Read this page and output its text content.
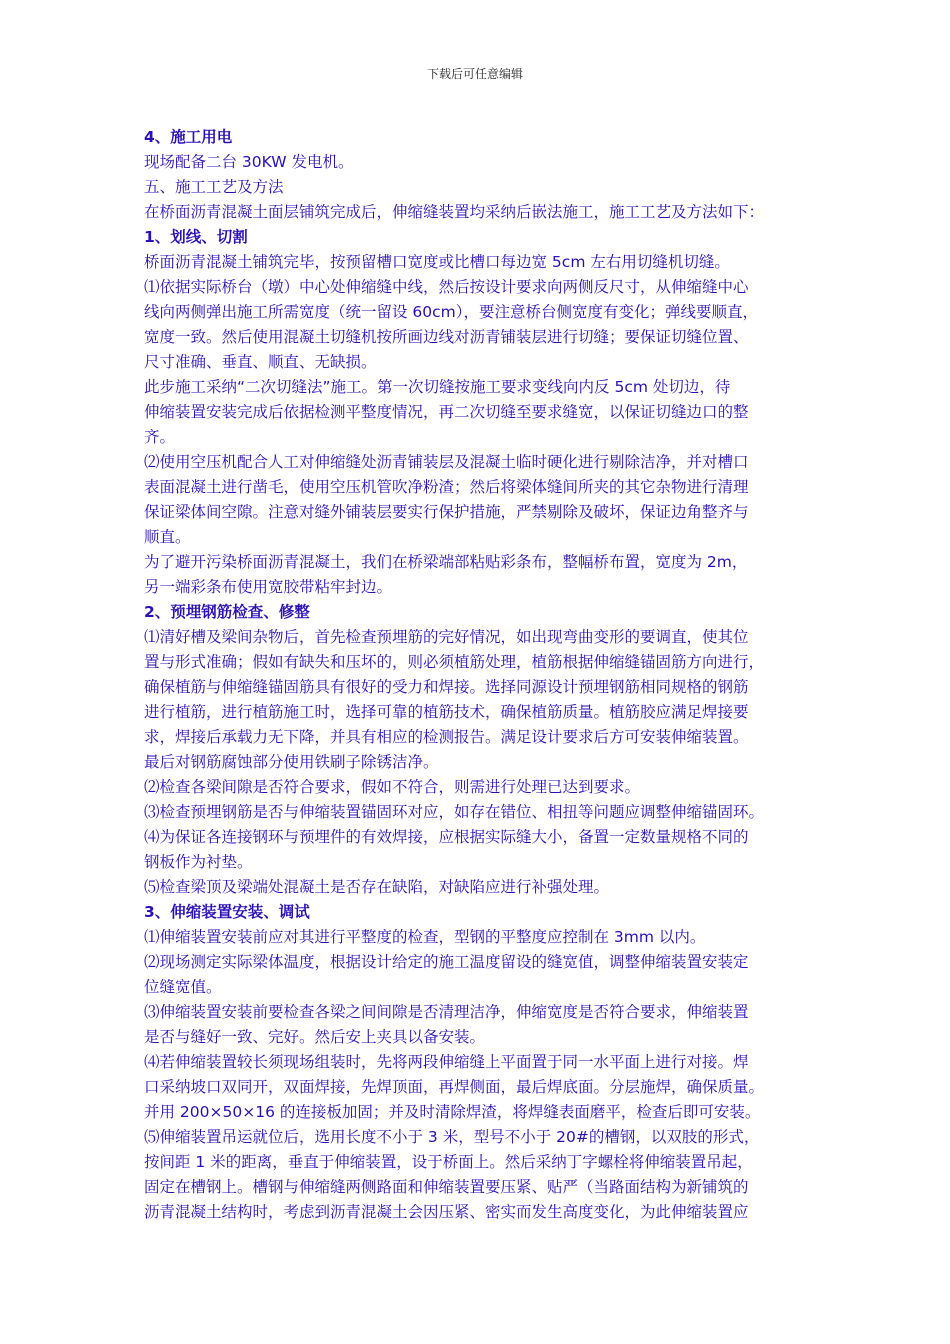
下载后可任意编辑
4、施工用电
现场配备二台 30KW 发电机。
五、施工工艺及方法
在桥面沥青混凝土面层铺筑完成后，伸缩缝装置均采纳后嵌法施工，施工工艺及方法如下：
1、划线、切割
桥面沥青混凝土铺筑完毕，按预留槽口宽度或比槽口每边宽 5cm 左右用切缝机切缝。
⑴依据实际桥台（墩）中心处伸缩缝中线，然后按设计要求向两侧反尺寸，从伸缩缝中心
线向两侧弹出施工所需宽度（统一留设 60cm），要注意桥台侧宽度有变化；弹线要顺直，
宽度一致。然后使用混凝土切缝机按所画边线对沥青铺装层进行切缝；要保证切缝位置、
尺寸准确、垂直、顺直、无缺损。
此步施工采纳“二次切缝法”施工。第一次切缝按施工要求变线向内反 5cm 处切边，待
伸缩装置安装完成后依据检测平整度情况，再二次切缝至要求缝宽，以保证切缝边口的整
齐。
⑵使用空压机配合人工对伸缩缝处沥青铺装层及混凝土临时硬化进行剔除洁净，并对槽口
表面混凝土进行凿毛，使用空压机管吹净粉渣；然后将梁体缝间所夹的其它杂物进行清理
保证梁体间空隙。注意对缝外铺装层要实行保护措施，严禁剔除及破坏，保证边角整齐与
顺直。
为了避开污染桥面沥青混凝土，我们在桥梁端部粘贴彩条布，整幅桥布置，宽度为 2m，
另一端彩条布使用宽胶带粘牢封边。
2、预埋钢筋检查、修整
⑴清好槽及梁间杂物后，首先检查预埋筋的完好情况，如出现弯曲变形的要调直，使其位
置与形式准确；假如有缺失和压坏的，则必须植筋处理，植筋根据伸缩缝锚固筋方向进行，
确保植筋与伸缩缝锚固筋具有很好的受力和焊接。选择同源设计预埋钢筋相同规格的钢筋
进行植筋，进行植筋施工时，选择可靠的植筋技术，确保植筋质量。植筋胶应满足焊接要
求，焊接后承载力无下降，并具有相应的检测报告。满足设计要求后方可安装伸缩装置。
最后对钢筋腐蚀部分使用铁刷子除锈洁净。
⑵检查各梁间隙是否符合要求，假如不符合，则需进行处理已达到要求。
⑶检查预埋钢筋是否与伸缩装置锚固环对应，如存在错位、相扭等问题应调整伸缩锚固环。
⑷为保证各连接钢环与预埋件的有效焊接，应根据实际缝大小，备置一定数量规格不同的
钢板作为衬垫。
⑸检查梁顶及梁端处混凝土是否存在缺陷，对缺陷应进行补强处理。
3、伸缩装置安装、调试
⑴伸缩装置安装前应对其进行平整度的检查，型钢的平整度应控制在 3mm 以内。
⑵现场测定实际梁体温度，根据设计给定的施工温度留设的缝宽值，调整伸缩装置安装定
位缝宽值。
⑶伸缩装置安装前要检查各梁之间间隙是否清理洁净，伸缩宽度是否符合要求，伸缩装置
是否与缝好一致、完好。然后安上夹具以备安装。
⑷若伸缩装置较长须现场组装时，先将两段伸缩缝上平面置于同一水平面上进行对接。焊
口采纳坡口双同开，双面焊接，先焊顶面，再焊侧面，最后焊底面。分层施焊，确保质量。
并用 200×50×16 的连接板加固；并及时清除焊渣，将焊缝表面磨平，检查后即可安装。
⑸伸缩装置吊运就位后，选用长度不小于 3 米，型号不小于 20#的槽钢，以双肢的形式，
按间距 1 米的距离，垂直于伸缩装置，设于桥面上。然后采纳丁字螺栓将伸缩装置吊起，
固定在槽钢上。槽钢与伸缩缝两侧路面和伸缩装置要压紧、贴严（当路面结构为新铺筑的
沥青混凝土结构时，考虑到沥青混凝土会因压紧、密实而发生高度变化，为此伸缩装置应
